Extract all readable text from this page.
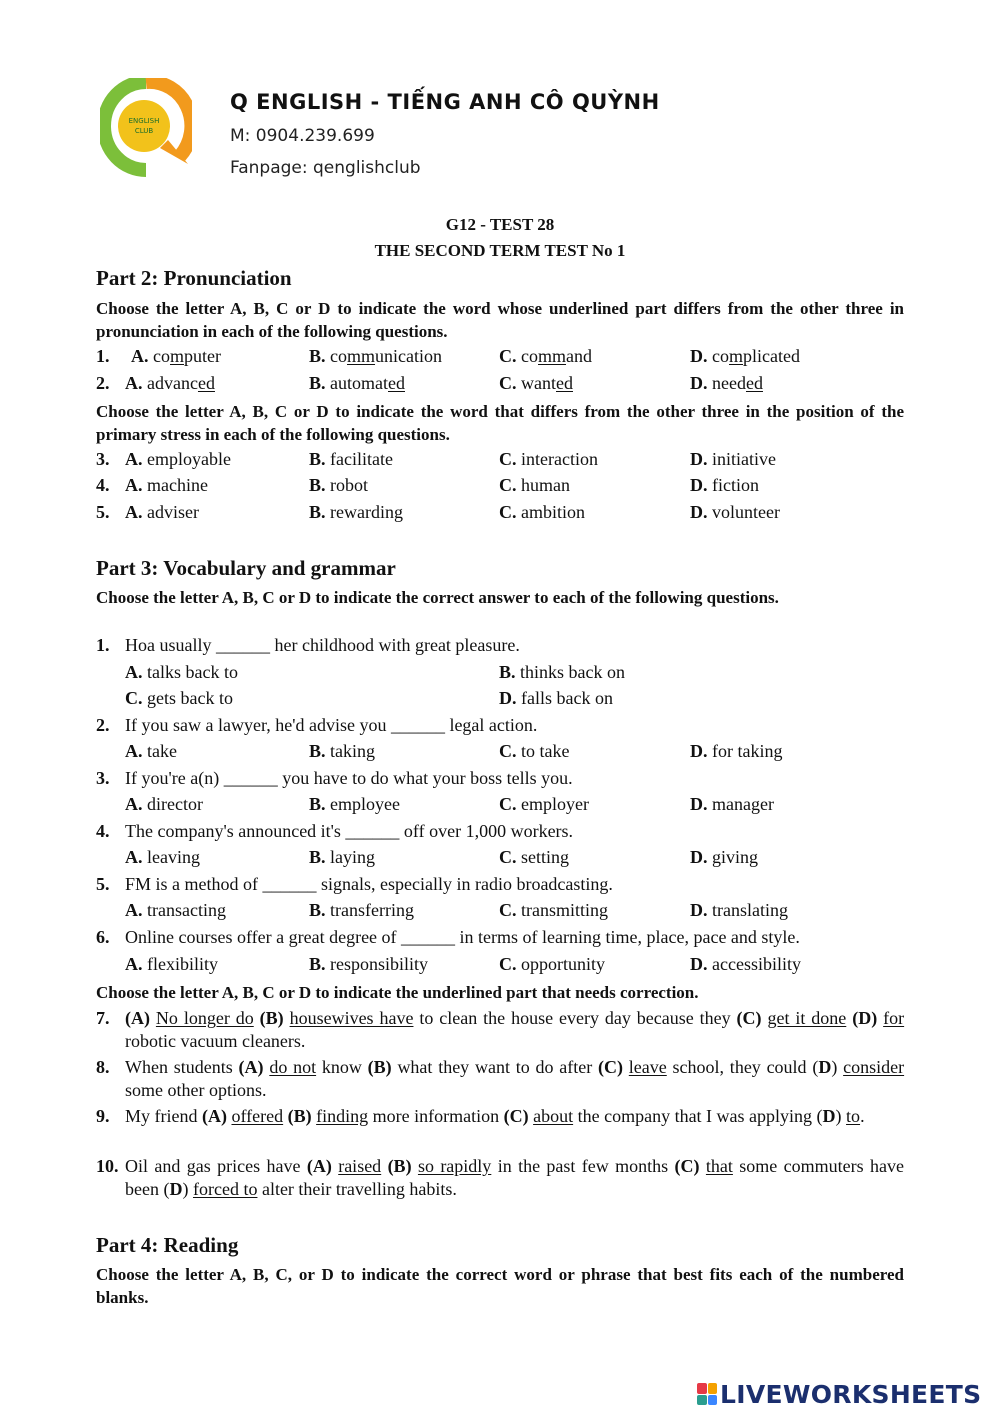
ENGLISH
CLUB
Q ENGLISH - TIẾNG ANH CÔ QUỲNH
M: 0904.239.699
Fanpage: qenglishclub
G12 - TEST 28
THE SECOND TERM TEST No 1
Part 2: Pronunciation
Choose the letter A, B, C or D to indicate the word whose underlined part differs from the other three in pronunciation in each of the following questions.
1. A. computer	B. communication	C. command	D. complicated
2. A. advanced	B. automated	C. wanted	D. needed
Choose the letter A, B, C or D to indicate the word that differs from the other three in the position of the primary stress in each of the following questions.
3. A. employable	B. facilitate	C. interaction	D. initiative
4. A. machine	B. robot	C. human	D. fiction
5. A. adviser	B. rewarding	C. ambition	D. volunteer
Part 3: Vocabulary and grammar
Choose the letter A, B, C or D to indicate the correct answer to each of the following questions.
1. Hoa usually ______ her childhood with great pleasure.
A. talks back to	B. thinks back on
C. gets back to	D. falls back on
2. If you saw a lawyer, he'd advise you ______ legal action.
A. take	B. taking	C. to take	D. for taking
3. If you're a(n) ______ you have to do what your boss tells you.
A. director	B. employee	C. employer	D. manager
4. The company's announced it's ______ off over 1,000 workers.
A. leaving	B. laying	C. setting	D. giving
5. FM is a method of ______ signals, especially in radio broadcasting.
A. transacting	B. transferring	C. transmitting	D. translating
6. Online courses offer a great degree of ______ in terms of learning time, place, pace and style.
A. flexibility	B. responsibility	C. opportunity	D. accessibility
Choose the letter A, B, C or D to indicate the underlined part that needs correction.
7. (A) No longer do (B) housewives have to clean the house every day because they (C) get it done (D) for robotic vacuum cleaners.
8. When students (A) do not know (B) what they want to do after (C) leave school, they could (D) consider some other options.
9. My friend (A) offered (B) finding more information (C) about the company that I was applying (D) to.
10. Oil and gas prices have (A) raised (B) so rapidly in the past few months (C) that some commuters have been (D) forced to alter their travelling habits.
Part 4: Reading
Choose the letter A, B, C, or D to indicate the correct word or phrase that best fits each of the numbered blanks.
LIVEWORKSHEETS
